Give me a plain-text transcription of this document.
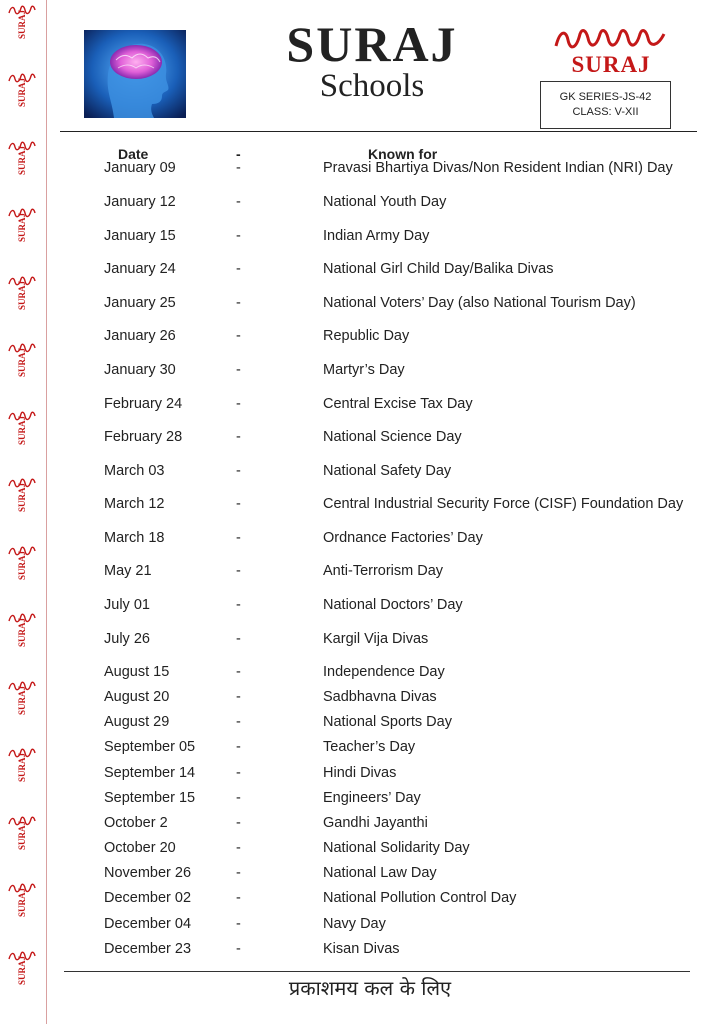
SURAJ
SURAJ
SURAJ
SURAJ
SURAJ
SURAJ
SURAJ
SURAJ
SURAJ
SURAJ
SURAJ
SURAJ
SURAJ
SURAJ
SURAJ
SURAJ
Schools
SURAJ
GK SERIES-JS-42
CLASS: V-XII
Date	-	Known for
January 09	-	Pravasi Bhartiya Divas/Non Resident Indian (NRI) Day
January 12	-	National Youth Day
January 15	-	Indian Army Day
January 24	-	National Girl Child Day/Balika Divas
January 25	-	National Voters’ Day (also National Tourism Day)
January 26	-	Republic Day
January 30	-	Martyr’s Day
February 24	-	Central Excise Tax Day
February 28	-	National Science Day
March 03	-	National Safety Day
March 12	-	Central Industrial Security Force (CISF) Foundation Day
March 18	-	Ordnance Factories’ Day
May 21	-	Anti-Terrorism Day
July 01	-	National Doctors’ Day
July 26	-	Kargil Vija Divas
August 15	-	Independence Day
August 20	-	Sadbhavna Divas
August 29	-	National Sports Day
September 05	-	Teacher’s Day
September 14	-	Hindi Divas
September 15	-	Engineers’ Day
October 2	-	Gandhi Jayanthi
October 20	-	National Solidarity Day
November 26	-	National Law Day
December 02	-	National Pollution Control Day
December 04	-	Navy Day
December 23	-	Kisan Divas
प्रकाशमय कल के लिए
